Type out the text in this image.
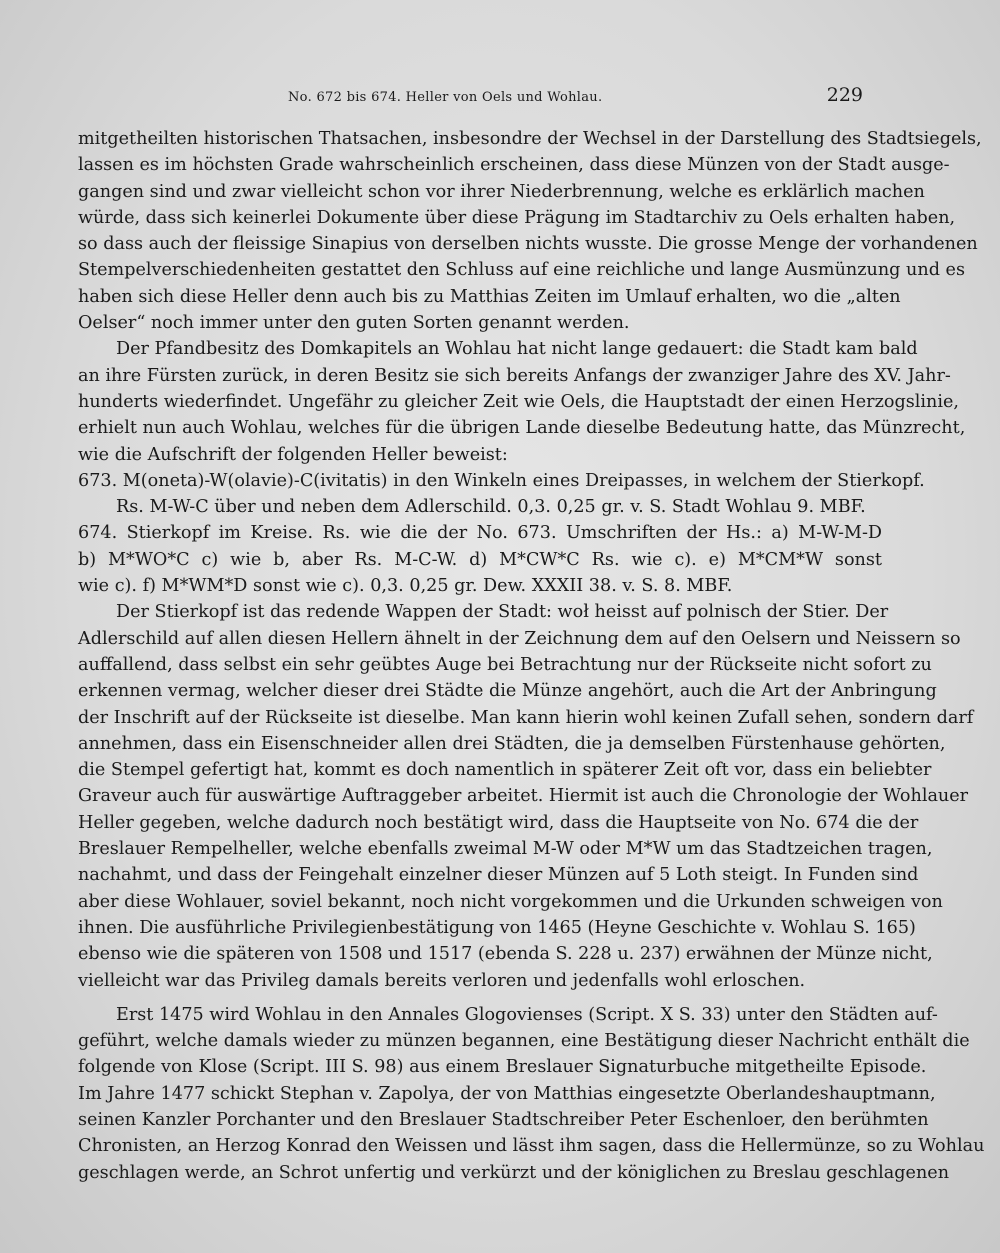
No. 672 bis 674. Heller von Oels und Wohlau.	229
mitgetheilten historischen Thatsachen, insbesondre der Wechsel in der Darstellung des Stadtsiegels,
lassen es im höchsten Grade wahrscheinlich erscheinen, dass diese Münzen von der Stadt ausge-
gangen sind und zwar vielleicht schon vor ihrer Niederbrennung, welche es erklärlich machen
würde, dass sich keinerlei Dokumente über diese Prägung im Stadtarchiv zu Oels erhalten haben,
so dass auch der fleissige Sinapius von derselben nichts wusste. Die grosse Menge der vorhandenen
Stempelverschiedenheiten gestattet den Schluss auf eine reichliche und lange Ausmünzung und es
haben sich diese Heller denn auch bis zu Matthias Zeiten im Umlauf erhalten, wo die „alten
Oelser“ noch immer unter den guten Sorten genannt werden.
Der Pfandbesitz des Domkapitels an Wohlau hat nicht lange gedauert: die Stadt kam bald
an ihre Fürsten zurück, in deren Besitz sie sich bereits Anfangs der zwanziger Jahre des XV. Jahr-
hunderts wiederfindet. Ungefähr zu gleicher Zeit wie Oels, die Hauptstadt der einen Herzogslinie,
erhielt nun auch Wohlau, welches für die übrigen Lande dieselbe Bedeutung hatte, das Münzrecht,
wie die Aufschrift der folgenden Heller beweist:
673. M(oneta)-W(olavie)-C(ivitatis) in den Winkeln eines Dreipasses, in welchem der Stierkopf.
Rs. M-W-C über und neben dem Adlerschild. 0,3. 0,25 gr. v. S. Stadt Wohlau 9. MBF.
674. Stierkopf im Kreise. Rs. wie die der No. 673. Umschriften der Hs.: a) M-W-M-D
b) M*WO*C c) wie b, aber Rs. M-C-W. d) M*CW*C Rs. wie c). e) M*CM*W sonst
wie c). f) M*WM*D sonst wie c). 0,3. 0,25 gr. Dew. XXXII 38. v. S. 8. MBF.
Der Stierkopf ist das redende Wappen der Stadt: woł heisst auf polnisch der Stier. Der
Adlerschild auf allen diesen Hellern ähnelt in der Zeichnung dem auf den Oelsern und Neissern so
auffallend, dass selbst ein sehr geübtes Auge bei Betrachtung nur der Rückseite nicht sofort zu
erkennen vermag, welcher dieser drei Städte die Münze angehört, auch die Art der Anbringung
der Inschrift auf der Rückseite ist dieselbe. Man kann hierin wohl keinen Zufall sehen, sondern darf
annehmen, dass ein Eisenschneider allen drei Städten, die ja demselben Fürstenhause gehörten,
die Stempel gefertigt hat, kommt es doch namentlich in späterer Zeit oft vor, dass ein beliebter
Graveur auch für auswärtige Auftraggeber arbeitet. Hiermit ist auch die Chronologie der Wohlauer
Heller gegeben, welche dadurch noch bestätigt wird, dass die Hauptseite von No. 674 die der
Breslauer Rempelheller, welche ebenfalls zweimal M-W oder M*W um das Stadtzeichen tragen,
nachahmt, und dass der Feingehalt einzelner dieser Münzen auf 5 Loth steigt. In Funden sind
aber diese Wohlauer, soviel bekannt, noch nicht vorgekommen und die Urkunden schweigen von
ihnen. Die ausführliche Privilegienbestätigung von 1465 (Heyne Geschichte v. Wohlau S. 165)
ebenso wie die späteren von 1508 und 1517 (ebenda S. 228 u. 237) erwähnen der Münze nicht,
vielleicht war das Privileg damals bereits verloren und jedenfalls wohl erloschen.
Erst 1475 wird Wohlau in den Annales Glogovienses (Script. X S. 33) unter den Städten auf-
geführt, welche damals wieder zu münzen begannen, eine Bestätigung dieser Nachricht enthält die
folgende von Klose (Script. III S. 98) aus einem Breslauer Signaturbuche mitgetheilte Episode.
Im Jahre 1477 schickt Stephan v. Zapolya, der von Matthias eingesetzte Oberlandeshauptmann,
seinen Kanzler Porchanter und den Breslauer Stadtschreiber Peter Eschenloer, den berühmten
Chronisten, an Herzog Konrad den Weissen und lässt ihm sagen, dass die Hellermünze, so zu Wohlau
geschlagen werde, an Schrot unfertig und verkürzt und der königlichen zu Breslau geschlagenen
